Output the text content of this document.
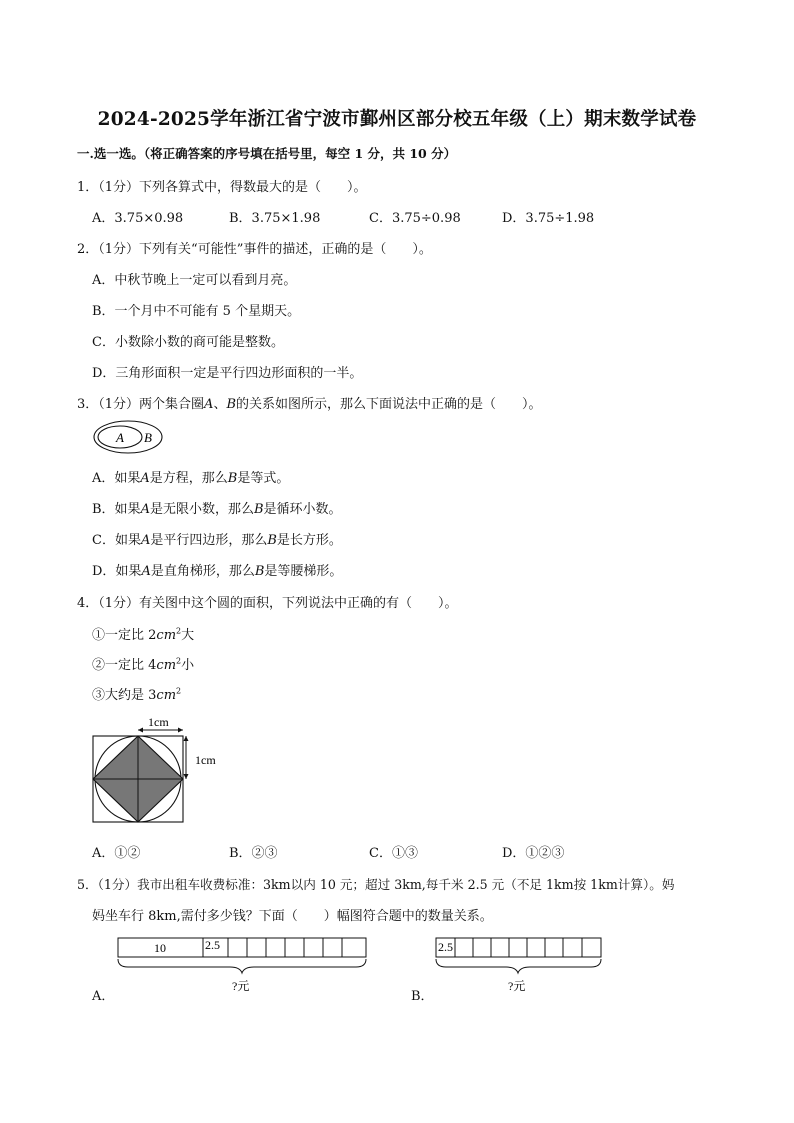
2024-2025学年浙江省宁波市鄞州区部分校五年级（上）期末数学试卷
一.选一选。（将正确答案的序号填在括号里，每空 1 分，共 10 分）
1．（1分）下列各算式中，得数最大的是（　　）。
A．3.75×0.98	B．3.75×1.98	C．3.75÷0.98	D．3.75÷1.98
2．（1分）下列有关“可能性”事件的描述，正确的是（　　）。
A．中秋节晚上一定可以看到月亮。
B．一个月中不可能有 5 个星期天。
C．小数除小数的商可能是整数。
D．三角形面积一定是平行四边形面积的一半。
3．（1分）两个集合圈A、B的关系如图所示，那么下面说法中正确的是（　　）。
A B
A．如果A是方程，那么B是等式。
B．如果A是无限小数，那么B是循环小数。
C．如果A是平行四边形，那么B是长方形。
D．如果A是直角梯形，那么B是等腰梯形。
4．（1分）有关图中这个圆的面积，下列说法中正确的有（　　）。
①一定比 $2cm^2$大
②一定比 $4cm^2$小
③大约是 $3cm^2$
1cm
1cm
A．①②	B．②③	C．①③	D．①②③
5．（1分）我市出租车收费标准：3km以内 10 元；超过 3km,每千米 2.5 元（不足 1km按 1km计算）。妈
妈坐车行 8km,需付多少钱？下面（　　）幅图符合题中的数量关系。
10	2.5
?元
A．
2.5
?元
B．
